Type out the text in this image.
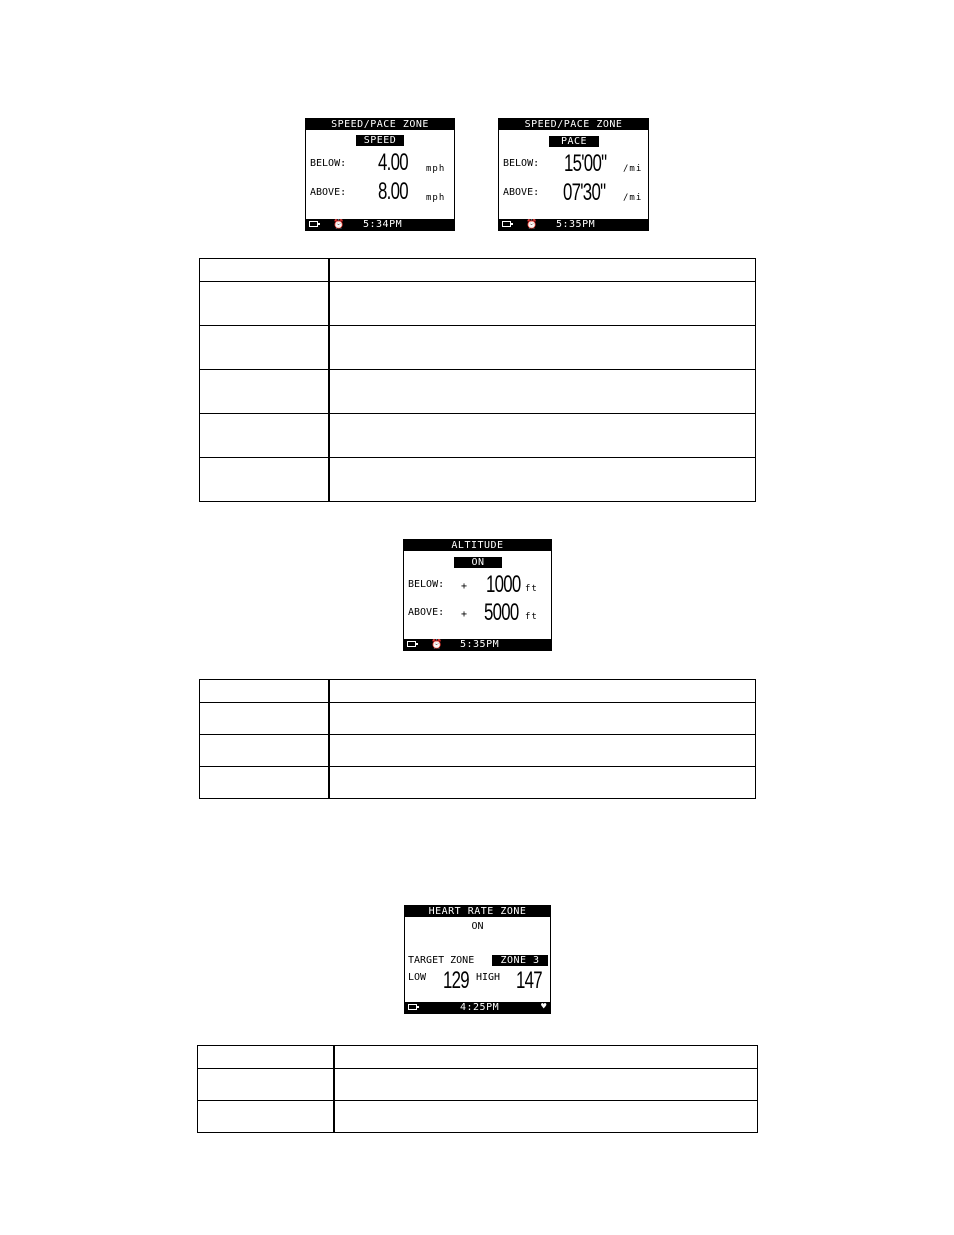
SPEED/PACE ZONE
SPEED
BELOW: 4.00 mph
ABOVE: 8.00 mph
⏰ 5:34PM
SPEED/PACE ZONE
PACE
BELOW: 15'00" /mi
ABOVE: 07'30" /mi
⏰ 5:35PM

ALTITUDE
ON
BELOW: + 1000 ft
ABOVE: + 5000 ft
⏰ 5:35PM

HEART RATE ZONE
ON
TARGET ZONE	ZONE 3
LOW 129 HIGH 147
4:25PM	♥
